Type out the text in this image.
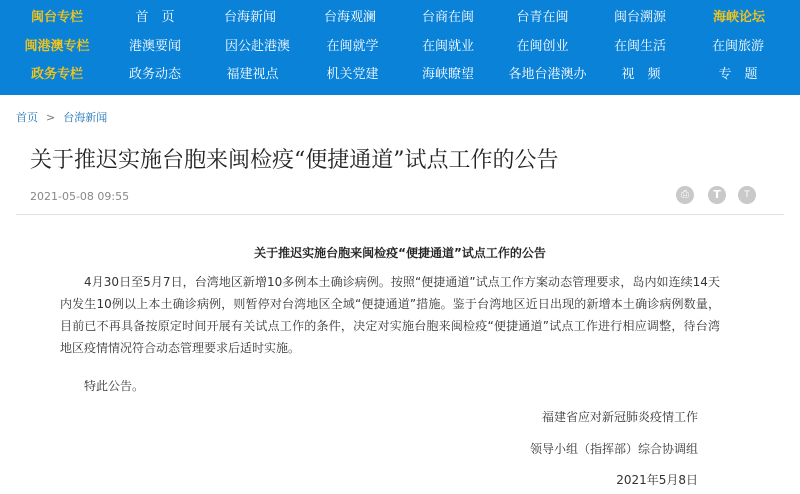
闽台专栏	首　页	台海新闻	台海观澜	台商在闽	台青在闽	闽台溯源	海峡论坛
闽港澳专栏	港澳要闻	因公赴港澳	在闽就学	在闽就业	在闽创业	在闽生活	在闽旅游
政务专栏	政务动态	福建视点	机关党建	海峡瞭望	各地台港澳办	视　频	专　题
首页 > 台海新闻
关于推迟实施台胞来闽检疫“便捷通道”试点工作的公告
2021-05-08 09:55	⎙	T	T
关于推迟实施台胞来闽检疫“便捷通道”试点工作的公告

4月30日至5月7日，台湾地区新增10多例本土确诊病例。按照“便捷通道”试点工作方案动态管理要求，岛内如连续14天内发生10例以上本土确诊病例，则暂停对台湾地区全域“便捷通道”措施。鉴于台湾地区近日出现的新增本土确诊病例数量，目前已不再具备按原定时间开展有关试点工作的条件，决定对实施台胞来闽检疫“便捷通道”试点工作进行相应调整，待台湾地区疫情情况符合动态管理要求后适时实施。

特此公告。

福建省应对新冠肺炎疫情工作
领导小组（指挥部）综合协调组
2021年5月8日
